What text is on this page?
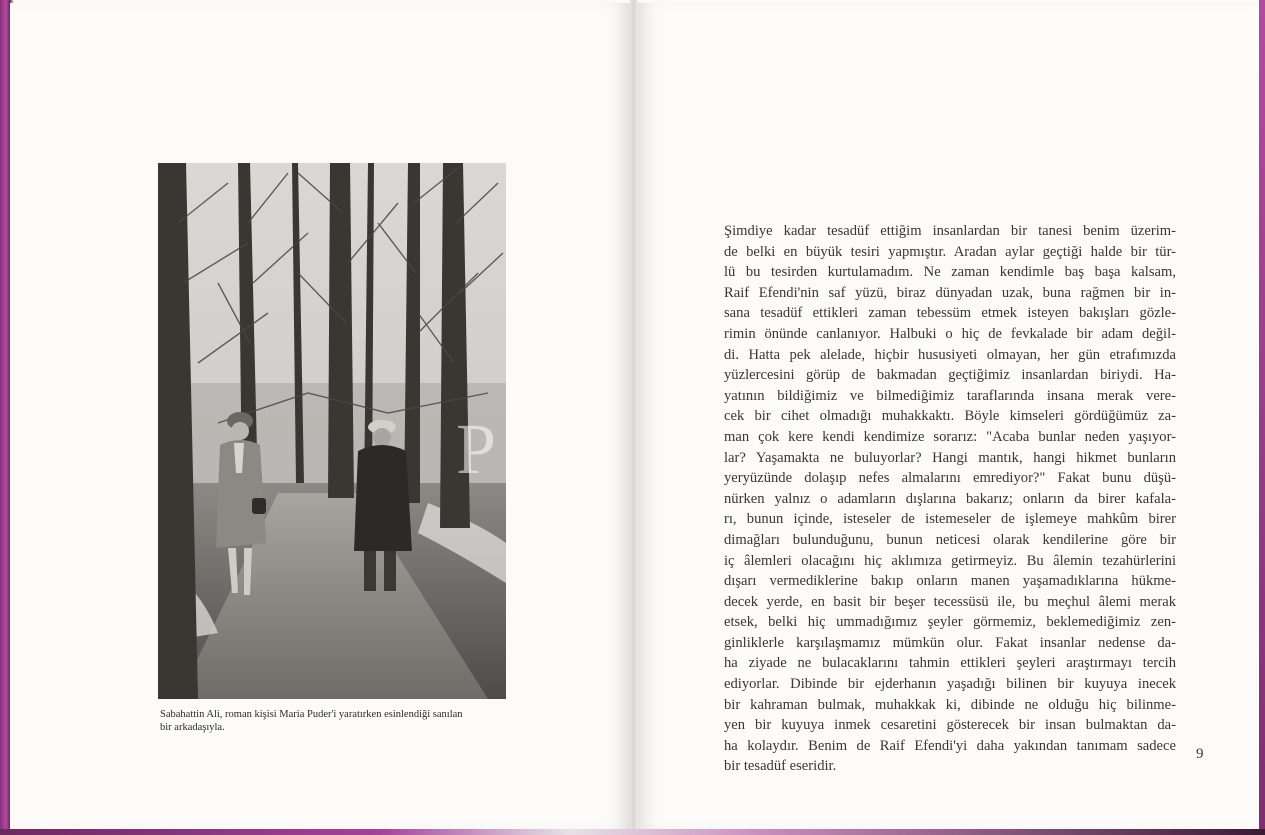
P
Sabahattin Ali, roman kişisi Maria Puder'i yaratırken esinlendiği sanılan
bir arkadaşıyla.
Şimdiye kadar tesadüf ettiğim insanlardan bir tanesi benim üzerim-
de belki en büyük tesiri yapmıştır. Aradan aylar geçtiği halde bir tür-
lü bu tesirden kurtulamadım. Ne zaman kendimle baş başa kalsam,
Raif Efendi'nin saf yüzü, biraz dünyadan uzak, buna rağmen bir in-
sana tesadüf ettikleri zaman tebessüm etmek isteyen bakışları gözle-
rimin önünde canlanıyor. Halbuki o hiç de fevkalade bir adam değil-
di. Hatta pek alelade, hiçbir hususiyeti olmayan, her gün etrafımızda
yüzlercesini görüp de bakmadan geçtiğimiz insanlardan biriydi. Ha-
yatının bildiğimiz ve bilmediğimiz taraflarında insana merak vere-
cek bir cihet olmadığı muhakkaktı. Böyle kimseleri gördüğümüz za-
man çok kere kendi kendimize sorarız: "Acaba bunlar neden yaşıyor-
lar? Yaşamakta ne buluyorlar? Hangi mantık, hangi hikmet bunların
yeryüzünde dolaşıp nefes almalarını emrediyor?" Fakat bunu düşü-
nürken yalnız o adamların dışlarına bakarız; onların da birer kafala-
rı, bunun içinde, isteseler de istemeseler de işlemeye mahkûm birer
dimağları bulunduğunu, bunun neticesi olarak kendilerine göre bir
iç âlemleri olacağını hiç aklımıza getirmeyiz. Bu âlemin tezahürlerini
dışarı vermediklerine bakıp onların manen yaşamadıklarına hükme-
decek yerde, en basit bir beşer tecessüsü ile, bu meçhul âlemi merak
etsek, belki hiç ummadığımız şeyler görmemiz, beklemediğimiz zen-
ginliklerle karşılaşmamız mümkün olur. Fakat insanlar nedense da-
ha ziyade ne bulacaklarını tahmin ettikleri şeyleri araştırmayı tercih
ediyorlar. Dibinde bir ejderhanın yaşadığı bilinen bir kuyuya inecek
bir kahraman bulmak, muhakkak ki, dibinde ne olduğu hiç bilinme-
yen bir kuyuya inmek cesaretini gösterecek bir insan bulmaktan da-
ha kolaydır. Benim de Raif Efendi'yi daha yakından tanımam sadece
bir tesadüf eseridir.
9
